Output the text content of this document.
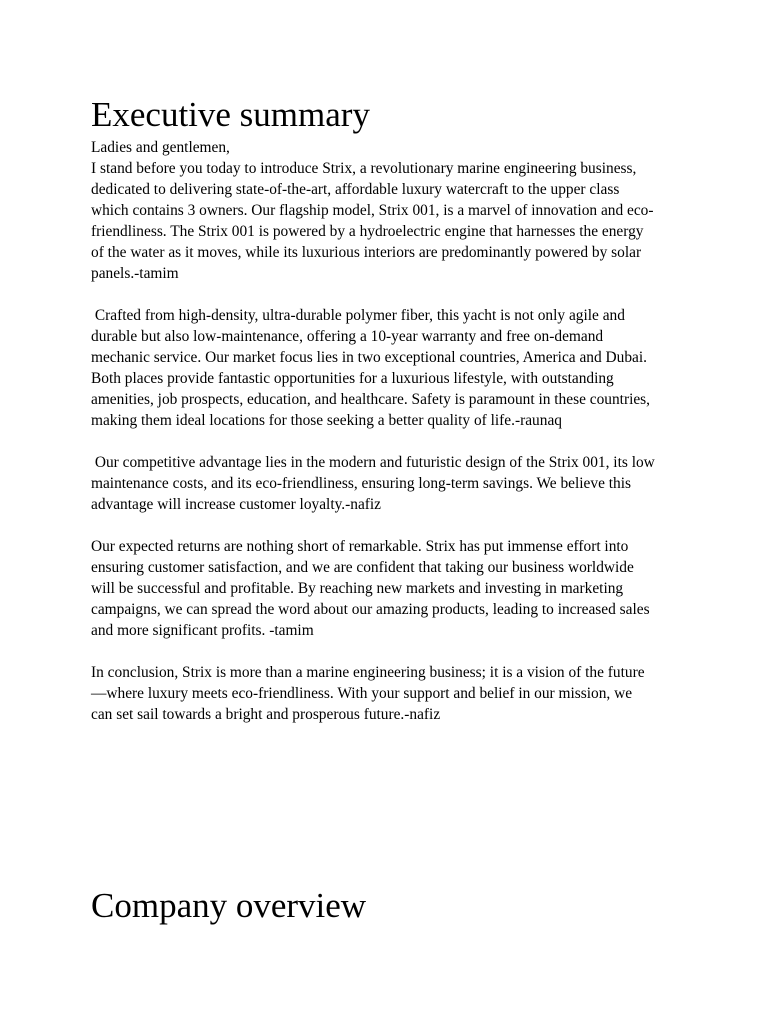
Executive summary

Ladies and gentlemen,
I stand before you today to introduce Strix, a revolutionary marine engineering business,
dedicated to delivering state-of-the-art, affordable luxury watercraft to the upper class
which contains 3 owners. Our flagship model, Strix 001, is a marvel of innovation and eco-
friendliness. The Strix 001 is powered by a hydroelectric engine that harnesses the energy
of the water as it moves, while its luxurious interiors are predominantly powered by solar
panels.-tamim

Crafted from high-density, ultra-durable polymer fiber, this yacht is not only agile and
durable but also low-maintenance, offering a 10-year warranty and free on-demand
mechanic service. Our market focus lies in two exceptional countries, America and Dubai.
Both places provide fantastic opportunities for a luxurious lifestyle, with outstanding
amenities, job prospects, education, and healthcare. Safety is paramount in these countries,
making them ideal locations for those seeking a better quality of life.-raunaq

Our competitive advantage lies in the modern and futuristic design of the Strix 001, its low
maintenance costs, and its eco-friendliness, ensuring long-term savings. We believe this
advantage will increase customer loyalty.-nafiz

Our expected returns are nothing short of remarkable. Strix has put immense effort into
ensuring customer satisfaction, and we are confident that taking our business worldwide
will be successful and profitable. By reaching new markets and investing in marketing
campaigns, we can spread the word about our amazing products, leading to increased sales
and more significant profits. -tamim

In conclusion, Strix is more than a marine engineering business; it is a vision of the future
—where luxury meets eco-friendliness. With your support and belief in our mission, we
can set sail towards a bright and prosperous future.-nafiz

Company overview
